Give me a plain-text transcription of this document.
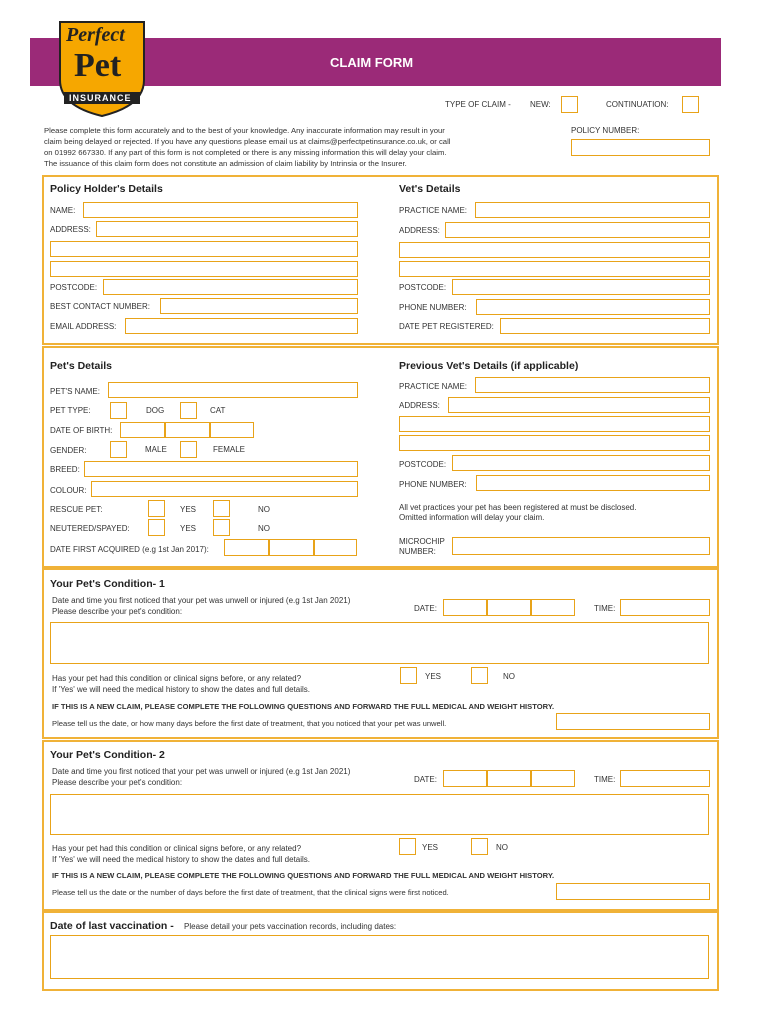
CLAIM FORM
Perfect
Pet
INSURANCE
TYPE OF CLAIM - NEW:	CONTINUATION:
POLICY NUMBER:
Please complete this form accurately and to the best of your knowledge. Any inaccurate information may result in your
claim being delayed or rejected. If you have any questions please email us at claims@perfectpetinsurance.co.uk, or call
on 01992 667330. If any part of this form is not completed or there is any missing information this will delay your claim.
The issuance of this claim form does not constitute an admission of claim liability by Intrinsia or the Insurer.
Policy Holder's Details
NAME:
ADDRESS:
POSTCODE:
BEST CONTACT NUMBER:
EMAIL ADDRESS:
Vet's Details
PRACTICE NAME:
ADDRESS:
POSTCODE:
PHONE NUMBER:
DATE PET REGISTERED:
Pet's Details
PET'S NAME:
PET TYPE:	DOG	CAT
DATE OF BIRTH:
GENDER:	MALE	FEMALE
BREED:
COLOUR:
RESCUE PET:	YES	NO
NEUTERED/SPAYED:	YES	NO
DATE FIRST ACQUIRED (e.g 1st Jan 2017):
Previous Vet's Details (if applicable)
PRACTICE NAME:
ADDRESS:
POSTCODE:
PHONE NUMBER:
All vet practices your pet has been registered at must be disclosed.
Omitted information will delay your claim.
MICROCHIP
NUMBER:
Your Pet's Condition- 1
Date and time you first noticed that your pet was unwell or injured (e.g 1st Jan 2021)
Please describe your pet's condition:	DATE:	TIME:
Has your pet had this condition or clinical signs before, or any related?
If 'Yes' we will need the medical history to show the dates and full details.
YES	NO
IF THIS IS A NEW CLAIM, PLEASE COMPLETE THE FOLLOWING QUESTIONS AND FORWARD THE FULL MEDICAL AND WEIGHT HISTORY.
Please tell us the date, or how many days before the first date of treatment, that you noticed that your pet was unwell.
Your Pet's Condition- 2
Date and time you first noticed that your pet was unwell or injured (e.g 1st Jan 2021)
Please describe your pet's condition:	DATE:	TIME:
Has your pet had this condition or clinical signs before, or any related?
If 'Yes' we will need the medical history to show the dates and full details.
YES	NO
IF THIS IS A NEW CLAIM, PLEASE COMPLETE THE FOLLOWING QUESTIONS AND FORWARD THE FULL MEDICAL AND WEIGHT HISTORY.
Please tell us the date or the number of days before the first date of treatment, that the clinical signs were first noticed.
Date of last vaccination - Please detail your pets vaccination records, including dates:
